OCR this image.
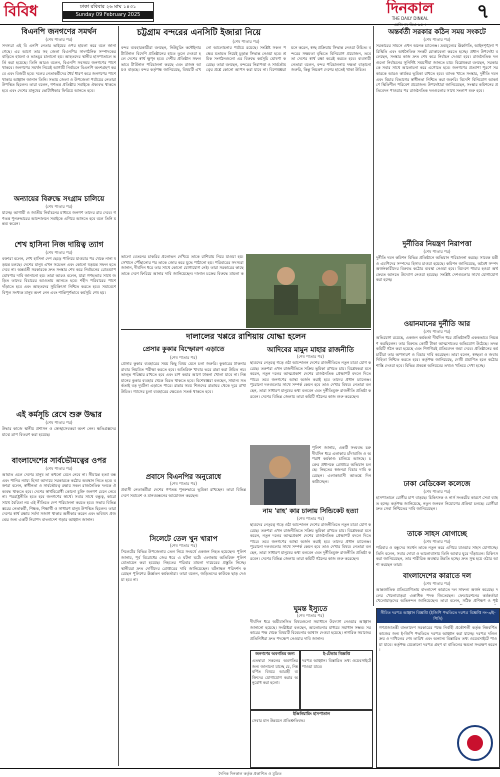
বিবিধ	ঢাকা রবিবার ২৬ মাঘ ১৪৩১
Sunday 09 February 2025	দিনকাল
THE DAILY DINKAL	৭
বিএনপি জনগণের সমর্থন
(শেষ পাতার পর)
সদস্যরা এই বি এনপি নেতার ভাইয়ের ওপর হামলা করে বলে জানা গেছে। এর আগে তার সহ জেলা বিএনপির সাংগঠনিক সম্পাদকের বাড়িতে হামলা ও ভাঙচুর চালানো হয়। আহতদের স্থানীয় হাসপাতালে ভর্তি করা হয়েছে। তিনি আরও বলেন, বিএনপি সবসময় জনগণের পাশে থাকবে। জনগণের সমর্থন নিয়েই আগামী নির্বাচনে বিএনপি অংশগ্রহণ করবে এবং বিজয়ী হবে। দলের নেতাকর্মীদের ধৈর্য ধারণ করে জনগণের পাশে থাকার আহ্বান জানান তিনি। সভায় জেলা ও উপজেলা পর্যায়ের নেতারা উপস্থিত ছিলেন। তারা বলেন, গণতন্ত্র প্রতিষ্ঠায় সবাইকে ঐক্যবদ্ধ থাকতে হবে এবং দেশের মানুষের ভোটাধিকার ফিরিয়ে আনতে হবে।
অন্যায়ের বিরুদ্ধে সংগ্রাম চালিয়ে
(শেষ পাতার পর)
যাচ্ছে। আগামী ও জাতীয় নির্বাচনের মাধ্যমে জনগণ তাদের রায় দেবে। গণতন্ত্র পুনরুদ্ধারের আন্দোলনে সবাইকে এগিয়ে আসতে হবে বলে তিনি মন্তব্য করেন।
শেখ হাসিনা নিজ দায়িত্ব ত্যাগ
(শেষ পাতার পর)
বক্তারা বলেন, শেখ হাসিনা দেশ ছেড়ে পালিয়ে যাওয়ার পর থেকে নানা ষড়যন্ত্র চলছে। দেশের মানুষ এখন সচেতন এবং কোনো ষড়যন্ত্র সফল হতে দেবে না। অন্তর্বর্তী সরকারকে দ্রুত সংস্কার শেষ করে নির্বাচনের রোডম্যাপ ঘোষণার দাবি জানানো হয়। তারা আরও বলেন, যারা গণহত্যার সাথে জড়িত তাদের বিচারের আওতায় আনতে হবে। শহীদ পরিবারের পাশে দাঁড়াতে হবে এবং আহতদের সুচিকিৎসা নিশ্চিত করতে হবে। সমাবেশে বিপুল সংখ্যক মানুষ অংশ নেন এবং শান্তিপূর্ণভাবে কর্মসূচি শেষ হয়।
এই কর্মসূচি রেখে শুরু উদ্ধার
(শেষ পাতার পর)
উদ্ধার কাজে স্থানীয় প্রশাসন ও স্বেচ্ছাসেবকরা অংশ নেন। ক্ষতিগ্রস্তদের মাঝে ত্রাণ বিতরণ করা হয়েছে।
বাংলাদেশের সার্বভৌমত্বের ওপর
(শেষ পাতার পর)
আঘাত এলে দেশের মানুষ তা কখনো মেনে নেবে না। সীমান্তে হত্যা বন্ধ এবং পানির ন্যায্য হিস্যা আদায়ে সরকারকে কঠোর অবস্থান নিতে হবে। বক্তারা বলেন, স্বাধীনতা ও সার্বভৌমত্ব রক্ষায় সকল রাজনৈতিক দলকে ঐক্যবদ্ধ থাকতে হবে। দেশের স্বার্থবিরোধী কোনো চুক্তি জনগণ মেনে নেবে না। পররাষ্ট্রনীতি হতে হবে জনগণের স্বার্থে। সবার সাথে বন্ধুত্ব, কারো সাথে বৈরিতা নয় এই নীতিতে দেশ পরিচালনা করতে হবে। সভায় বিভিন্ন স্তরের নেতাকর্মী, শিক্ষক, শিক্ষার্থী ও সাধারণ মানুষ উপস্থিত ছিলেন। তারা দেশের স্বার্থ রক্ষায় সর্বদা সজাগ থাকার অঙ্গীকার করেন এবং ভবিষ্যৎ প্রজন্মের জন্য একটি নিরাপদ বাংলাদেশ গড়ার আহ্বান জানান।
চট্টগ্রাম বন্দরের এনসিটি ইজারা নিয়ে
(শেষ পাতার পর)
বন্দর ব্যবহারকারীরা বলছেন, নিউমুরিং কন্টেইনার টার্মিনাল বিদেশি প্রতিষ্ঠানের হাতে তুলে দেওয়া হলে দেশের স্বার্থ ক্ষুণ্ন হবে। দেশীয় প্রতিষ্ঠান সফলভাবে টার্মিনাল পরিচালনা করছে এবং রাজস্ব আয়ও বাড়ছে। বন্দর কর্তৃপক্ষ জানিয়েছে, বিষয়টি এখনো আলোচনার পর্যায়ে রয়েছে। সংশ্লিষ্ট সকল পক্ষের মতামত নিয়েই চূড়ান্ত সিদ্ধান্ত নেওয়া হবে। শ্রমিক সংগঠনগুলো এর বিরুদ্ধে কর্মসূচি ঘোষণা করেছে। তারা বলছেন, বন্দরের নিরাপত্তা ও সার্বভৌমত্বের প্রশ্নে কোনো আপস করা যাবে না। বিশেষজ্ঞরা মনে করেন, স্বচ্ছ প্রক্রিয়ায় সিদ্ধান্ত নেওয়া উচিত। বন্দরের সক্ষমতা বৃদ্ধিতে বিনিয়োগ প্রয়োজন, তবে তা দেশের স্বার্থ রক্ষা করেই করতে হবে। ব্যবসায়ী নেতারা বলেন, বন্দর পরিচালনায় দক্ষতা বাড়ানো জরুরি, কিন্তু নিয়ন্ত্রণ দেশের হাতেই থাকা উচিত।
ভালো বেতনের চাকরির প্রলোভন দেখিয়ে তাকে রাশিয়ায় নিয়ে যাওয়া হয়। সেখানে পৌঁছানোর পর তাকে জোর করে যুদ্ধে পাঠানো হয়। পরিবারের সদস্যরা জানান, দীর্ঘদিন ধরে তার সাথে কোনো যোগাযোগ নেই। তারা সরকারের কাছে তাকে দেশে ফিরিয়ে আনার দাবি জানিয়েছেন। দালাল চক্রের বিরুদ্ধে মামলা ক
দালালের খপ্পরে রাশিয়ায় যোদ্ধা হলেন
প্রেসার কুকার বিস্ফোরণ এড়াতে
(শেষ পাতার পর)
প্রেসার কুকার ব্যবহারের সময় কিছু বিষয় মেনে চলা জরুরি। কুকারের ঢাকনার রাবার নিয়মিত পরীক্ষা করতে হবে। অতিরিক্ত খাবার ভরে রান্না করা উচিত নয়। ভাল্ভ পরিষ্কার রাখতে হবে এবং চাপ কমার আগে ঢাকনা খোলা যাবে না। নিম্নমানের কুকার ব্যবহার থেকে বিরত থাকতে হবে। বিশেষজ্ঞরা বলছেন, সামান্য সতর্কতাই বড় দুর্ঘটনা এড়াতে পারে। রান্নার সময় শিশুদের রান্নাঘর থেকে দূরে রাখা উচিত। গ্যাসের চুলা ব্যবহারের ক্ষেত্রেও সতর্ক থাকতে হবে।
প্রবাসে বিএনপির অনুরোধে
(শেষ পাতার পর)
প্রবাসী নেতাকর্মীরা দেশের গণতন্ত্র পুনরুদ্ধারে ভূমিকা রাখছেন। তারা বিভিন্ন দেশে সমাবেশ ও মানববন্ধনের আয়োজন করছেন।
সিলেটে তেল খুন খারাপ
(শেষ পাতার পর)
সিলেটের বিভিন্ন উপজেলায় তেল নিয়ে সংঘর্ষে একজন নিহত হয়েছেন। পুলিশ জানায়, পূর্ব বিরোধের জের ধরে এ ঘটনা ঘটে। এলাকায় অতিরিক্ত পুলিশ মোতায়েন করা হয়েছে। নিহতের পরিবার মামলা দায়েরের প্রস্তুতি নিচ্ছে। স্থানীয়রা দ্রুত দোষীদের গ্রেপ্তারের দাবি জানিয়েছেন। ঘটনাস্থল পরিদর্শন করেছেন পুলিশের ঊর্ধ্বতন কর্মকর্তারা। তারা বলেন, জড়িতদের কাউকে ছাড় দেওয়া হবে না।
আদিবের মামুন মাহার রাজনীতি
(শেষ পাতার পর)
ছাত্রদের নেতৃত্বে গড়ে ওঠা আন্দোলন দেশের রাজনীতিতে নতুন মাত্রা যোগ করেছে। তরুণরা এখন রাজনীতিতে সক্রিয় ভূমিকা রাখতে চায়। বিশ্লেষকরা মনে করেন, নতুন দলের আত্মপ্রকাশ দেশের রাজনৈতিক প্রেক্ষাপট বদলে দিতে পারে। তবে জনগণের আস্থা অর্জন করাই হবে তাদের প্রধান চ্যালেঞ্জ। পুরোনো দলগুলোর সাথে সম্পর্ক কেমন হবে তাও দেখার বিষয়। নেতারা বলছেন, তারা সাধারণ মানুষের কথা বলবেন এবং দুর্নীতিমুক্ত রাজনীতি প্রতিষ্ঠা করবেন। দেশের বিভিন্ন জেলায় তারা কমিটি গঠনের কাজ শুরু করেছেন।
পুলিশ জানায়, একটি সংঘবদ্ধ চক্র দীর্ঘদিন ধরে এলাকায় চাঁদাবাজি ও অপরাধ কর্মকাণ্ড চালিয়ে আসছে। চক্রের প্রধানকে গ্রেপ্তারে অভিযান চলছে। নিহতের স্বজনরা বিচার দাবি করেছেন। এলাকাবাসী আতঙ্কে দিন কাটাচ্ছেন।
নাম 'রাহ' কার চালায় সিন্ডিকেট হত্যা
(শেষ পাতার পর)
ছাত্রদের নেতৃত্বে গড়ে ওঠা আন্দোলন দেশের রাজনীতিতে নতুন মাত্রা যোগ করেছে। তরুণরা এখন রাজনীতিতে সক্রিয় ভূমিকা রাখতে চায়। বিশ্লেষকরা মনে করেন, নতুন দলের আত্মপ্রকাশ দেশের রাজনৈতিক প্রেক্ষাপট বদলে দিতে পারে। তবে জনগণের আস্থা অর্জন করাই হবে তাদের প্রধান চ্যালেঞ্জ। পুরোনো দলগুলোর সাথে সম্পর্ক কেমন হবে তাও দেখার বিষয়। নেতারা বলছেন, তারা সাধারণ মানুষের কথা বলবেন এবং দুর্নীতিমুক্ত রাজনীতি প্রতিষ্ঠা করবেন। দেশের বিভিন্ন জেলায় তারা কমিটি গঠনের কাজ শুরু করেছেন।
ঘুমন্ত ইস্যুতে
(শেষ পাতার পর)
দীর্ঘদিন ধরে অমীমাংসিত বিষয়গুলো সমাধানে উদ্যোগ নেওয়ার আহ্বান জানানো হয়েছে। সংশ্লিষ্টরা বলছেন, আলোচনার মাধ্যমে সমাধান সম্ভব। সরকারের পক্ষ থেকে বিষয়টি বিবেচনার আশ্বাস দেওয়া হয়েছে। নাগরিক সমাজের প্রতিনিধিরা দ্রুত পদক্ষেপ নেওয়ার দাবি জানান।
জনগণের অবগতির জন্য
এতদ্বারা সকলের অবগতির জন্য জানানো যাচ্ছে যে, নিম্নবর্ণিত বিষয়ে আগ্রহী ব্যক্তিদের যোগাযোগ করার অনুরোধ করা হলো।
ই-টেন্ডার বিজ্ঞপ্তি
দরপত্র আহ্বান। বিস্তারিত তথ্য ওয়েবসাইটে পাওয়া যাবে।
ইঞ্জিনিয়ারিং হাসপাতাল
সেবার মান উন্নয়নে প্রতিশ্রুতিবদ্ধ।
অন্তর্বর্তী সরকার কঠিন সময় সংকটে
(শেষ পাতার পর)
সরকারের সামনে এখন অনেক চ্যালেঞ্জ। দ্রব্যমূল্যের ঊর্ধ্বগতি, আইনশৃঙ্খলা পরিস্থিতি এবং অর্থনৈতিক সংকট মোকাবেলা করতে হচ্ছে। প্রধান উপদেষ্টা বলেছেন, সংস্কার কাজ দ্রুত শেষ করে নির্বাচন দেওয়া হবে। রাজনৈতিক দলগুলো নির্বাচনের সুনির্দিষ্ট সময়সীমা জানতে চায়। বিশ্লেষকরা বলছেন, সরকারকে সবার সাথে আলোচনা করে এগোতে হবে। জনগণের প্রত্যাশা পূরণে সরকারকে আরও কার্যকর ভূমিকা রাখতে হবে। ব্যাংক খাতে সংস্কার, দুর্নীতি দমন এবং বিচার বিভাগের স্বাধীনতা নিশ্চিত করা জরুরি। বিদেশি বিনিয়োগ আকর্ষণে স্থিতিশীল পরিবেশ প্রয়োজন। উপদেষ্টারা জানিয়েছেন, সংস্কার কমিশনের প্রতিবেদন পাওয়ার পর রাজনৈতিক দলগুলোর সাথে সংলাপ শুরু হবে।
দুর্নীতির নিয়ন্ত্রণ নিরাপত্তা
(শেষ পাতার পর)
দুর্নীতি দমন কমিশন বিভিন্ন প্রতিষ্ঠানে অভিযান পরিচালনা করছে। সাবেক মন্ত্রী ও এমপিদের সম্পদের হিসাব চাওয়া হয়েছে। কমিশন জানিয়েছে, অবৈধ সম্পদ অর্জনকারীদের বিরুদ্ধে কঠোর ব্যবস্থা নেওয়া হবে। বিদেশে পাচার হওয়া অর্থ ফেরত আনতে উদ্যোগ নেওয়া হয়েছে। সংশ্লিষ্ট দেশগুলোর সাথে যোগাযোগ করা হচ্ছে।
ওয়ানমানের দুর্নীতি আর
(শেষ পাতার পর)
অভিযোগ রয়েছে, একজন কর্মকর্তা দীর্ঘদিন ধরে প্রতিষ্ঠানটি এককভাবে নিয়ন্ত্রণ করছিলেন। তার বিরুদ্ধে কোটি টাকা আত্মসাতের অভিযোগ উঠেছে। তদন্ত কমিটি গঠন করা হয়েছে এবং শিগগিরই প্রতিবেদন জমা দেবে। প্রতিষ্ঠানের কর্মচারীরা তার অপসারণ ও বিচার দাবি করেছেন। তারা বলেন, স্বচ্ছতা ও জবাবদিহিতা নিশ্চিত করতে হবে। কর্তৃপক্ষ জানিয়েছে, দোষী প্রমাণিত হলে কঠোর শাস্তি দেওয়া হবে। বিভিন্ন প্রকল্পে অনিয়মের তথ্যও খতিয়ে দেখা হচ্ছে।
ঢাকা মেডিকেল কলেজে
(শেষ পাতার পর)
হাসপাতালে রোগীর চাপ বাড়ছে। চিকিৎসক ও নার্স সংকটের কারণে সেবা ব্যাহত হচ্ছে। কর্তৃপক্ষ জানিয়েছে, নতুন জনবল নিয়োগের প্রক্রিয়া চলছে। রোগীরা দ্রুত সেবা নিশ্চিতের দাবি জানিয়েছেন।
তাকে সাহস যোগাচ্ছে
(শেষ পাতার পর)
পরিবার ও বন্ধুদের সমর্থন তাকে নতুন করে এগিয়ে যাওয়ার সাহস যোগাচ্ছে। তিনি বলেন, সবার দোয়া ও ভালোবাসায় তিনি আবার ঘুরে দাঁড়াবেন। চিকিৎসকরা জানিয়েছেন, তার শারীরিক অবস্থার উন্নতি হচ্ছে। দ্রুত সুস্থ হয়ে ওঠার আশা করছেন তারা।
বাংলাদেশের কারাতে দল
(শেষ পাতার পর)
আন্তর্জাতিক প্রতিযোগিতায় বাংলাদেশ কারাতে দল সাফল্য অর্জন করেছে। দলের খেলোয়াড়রা একাধিক পদক জিতেছেন। ফেডারেশনের কর্মকর্তারা খেলোয়াড়দের অভিনন্দন জানিয়েছেন। তারা বলেন, সঠিক প্রশিক্ষণ ও পৃষ্ঠ
সীমিত দরপত্র আহ্বান বিজ্ঞপ্তি (ইজিপি পদ্ধতিতে দরপত্র বিজ্ঞপ্তি নং-৩/ই-পিসি)
গণপ্রজাতন্ত্রী বাংলাদেশ সরকারের পক্ষে নির্বাহী প্রকৌশলী কর্তৃক নিম্নবর্ণিত কাজের জন্য ই-জিপি পদ্ধতিতে দরপত্র আহ্বান করা যাচ্ছে। দরপত্র দলিল ক্রয় ও দাখিলের শেষ তারিখ এবং অন্যান্য বিস্তারিত তথ্য ওয়েবসাইটে পাওয়া যাবে। কর্তৃপক্ষ যেকোনো দরপত্র গ্রহণ বা বাতিলের ক্ষমতা সংরক্ষণ করেন।
দৈনিক দিনকাল কর্তৃক প্রকাশিত ও মুদ্রিত
